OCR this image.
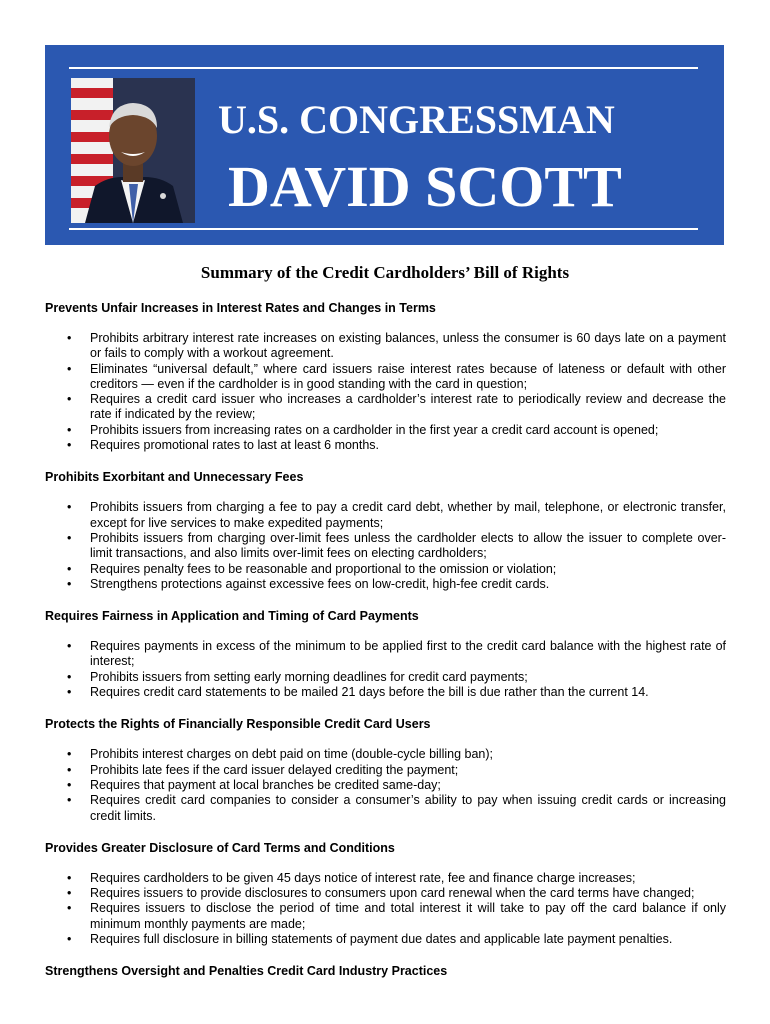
U.S. CONGRESSMAN
DAVID SCOTT
Summary of the Credit Cardholders’ Bill of Rights
Prevents Unfair Increases in Interest Rates and Changes in Terms
• Prohibits arbitrary interest rate increases on existing balances, unless the consumer is 60 days late on a payment or fails to comply with a workout agreement.
• Eliminates “universal default,” where card issuers raise interest rates because of lateness or default with other creditors — even if the cardholder is in good standing with the card in question;
• Requires a credit card issuer who increases a cardholder’s interest rate to periodically review and decrease the rate if indicated by the review;
• Prohibits issuers from increasing rates on a cardholder in the first year a credit card account is opened;
• Requires promotional rates to last at least 6 months.
Prohibits Exorbitant and Unnecessary Fees
• Prohibits issuers from charging a fee to pay a credit card debt, whether by mail, telephone, or electronic transfer, except for live services to make expedited payments;
• Prohibits issuers from charging over-limit fees unless the cardholder elects to allow the issuer to complete over-limit transactions, and also limits over-limit fees on electing cardholders;
• Requires penalty fees to be reasonable and proportional to the omission or violation;
• Strengthens protections against excessive fees on low-credit, high-fee credit cards.
Requires Fairness in Application and Timing of Card Payments
• Requires payments in excess of the minimum to be applied first to the credit card balance with the highest rate of interest;
• Prohibits issuers from setting early morning deadlines for credit card payments;
• Requires credit card statements to be mailed 21 days before the bill is due rather than the current 14.
Protects the Rights of Financially Responsible Credit Card Users
• Prohibits interest charges on debt paid on time (double-cycle billing ban);
• Prohibits late fees if the card issuer delayed crediting the payment;
• Requires that payment at local branches be credited same-day;
• Requires credit card companies to consider a consumer’s ability to pay when issuing credit cards or increasing credit limits.
Provides Greater Disclosure of Card Terms and Conditions
• Requires cardholders to be given 45 days notice of interest rate, fee and finance charge increases;
• Requires issuers to provide disclosures to consumers upon card renewal when the card terms have changed;
• Requires issuers to disclose the period of time and total interest it will take to pay off the card balance if only minimum monthly payments are made;
• Requires full disclosure in billing statements of payment due dates and applicable late payment penalties.
Strengthens Oversight and Penalties Credit Card Industry Practices
